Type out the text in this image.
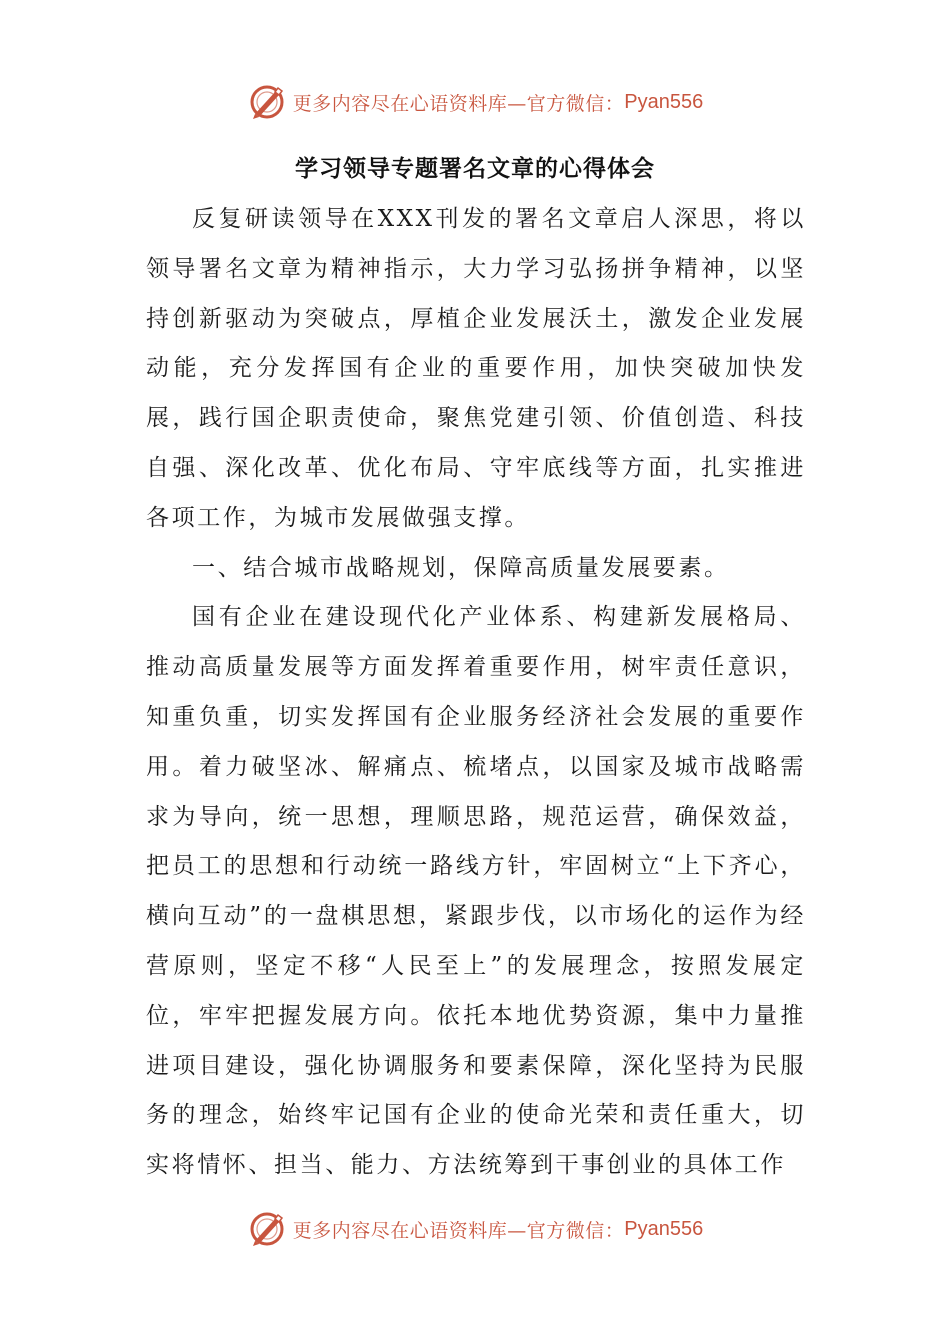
更多内容尽在心语资料库—官方微信： Pyan556
学习领导专题署名文章的心得体会

反复研读领导在XXX刊发的署名文章启人深思，将以领导署名文章为精神指示，大力学习弘扬拼争精神，以坚持创新驱动为突破点，厚植企业发展沃土，激发企业发展动能，充分发挥国有企业的重要作用，加快突破加快发展，践行国企职责使命，聚焦党建引领、价值创造、科技自强、深化改革、优化布局、守牢底线等方面，扎实推进各项工作，为城市发展做强支撑。

一、结合城市战略规划，保障高质量发展要素。

国有企业在建设现代化产业体系、构建新发展格局、推动高质量发展等方面发挥着重要作用，树牢责任意识，知重负重，切实发挥国有企业服务经济社会发展的重要作用。着力破坚冰、解痛点、梳堵点，以国家及城市战略需求为导向，统一思想，理顺思路，规范运营，确保效益，把员工的思想和行动统一路线方针，牢固树立“上下齐心，横向互动”的一盘棋思想，紧跟步伐，以市场化的运作为经营原则，坚定不移“人民至上”的发展理念，按照发展定位，牢牢把握发展方向。依托本地优势资源，集中力量推进项目建设，强化协调服务和要素保障，深化坚持为民服务的理念，始终牢记国有企业的使命光荣和责任重大，切实将情怀、担当、能力、方法统筹到干事创业的具体工作

更多内容尽在心语资料库—官方微信： Pyan556
